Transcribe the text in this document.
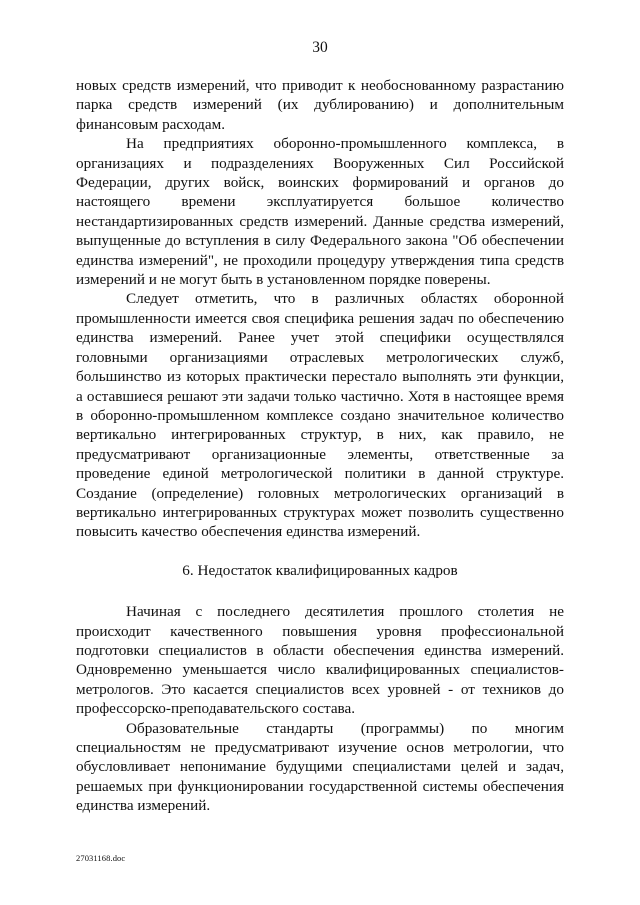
30

новых средств измерений, что приводит к необоснованному разрастанию парка средств измерений (их дублированию) и дополнительным финансовым расходам.

На предприятиях оборонно-промышленного комплекса, в организациях и подразделениях Вооруженных Сил Российской Федерации, других войск, воинских формирований и органов до настоящего времени эксплуатируется большое количество нестандартизированных средств измерений. Данные средства измерений, выпущенные до вступления в силу Федерального закона "Об обеспечении единства измерений", не проходили процедуру утверждения типа средств измерений и не могут быть в установленном порядке поверены.

Следует отметить, что в различных областях оборонной промышленности имеется своя специфика решения задач по обеспечению единства измерений. Ранее учет этой специфики осуществлялся головными организациями отраслевых метрологических служб, большинство из которых практически перестало выполнять эти функции, а оставшиеся решают эти задачи только частично. Хотя в настоящее время в оборонно-промышленном комплексе создано значительное количество вертикально интегрированных структур, в них, как правило, не предусматривают организационные элементы, ответственные за проведение единой метрологической политики в данной структуре. Создание (определение) головных метрологических организаций в вертикально интегрированных структурах может позволить существенно повысить качество обеспечения единства измерений.

6. Недостаток квалифицированных кадров

Начиная с последнего десятилетия прошлого столетия не происходит качественного повышения уровня профессиональной подготовки специалистов в области обеспечения единства измерений. Одновременно уменьшается число квалифицированных специалистов-метрологов. Это касается специалистов всех уровней - от техников до профессорско-преподавательского состава.

Образовательные стандарты (программы) по многим специальностям не предусматривают изучение основ метрологии, что обусловливает непонимание будущими специалистами целей и задач, решаемых при функционировании государственной системы обеспечения единства измерений.

27031168.doc
